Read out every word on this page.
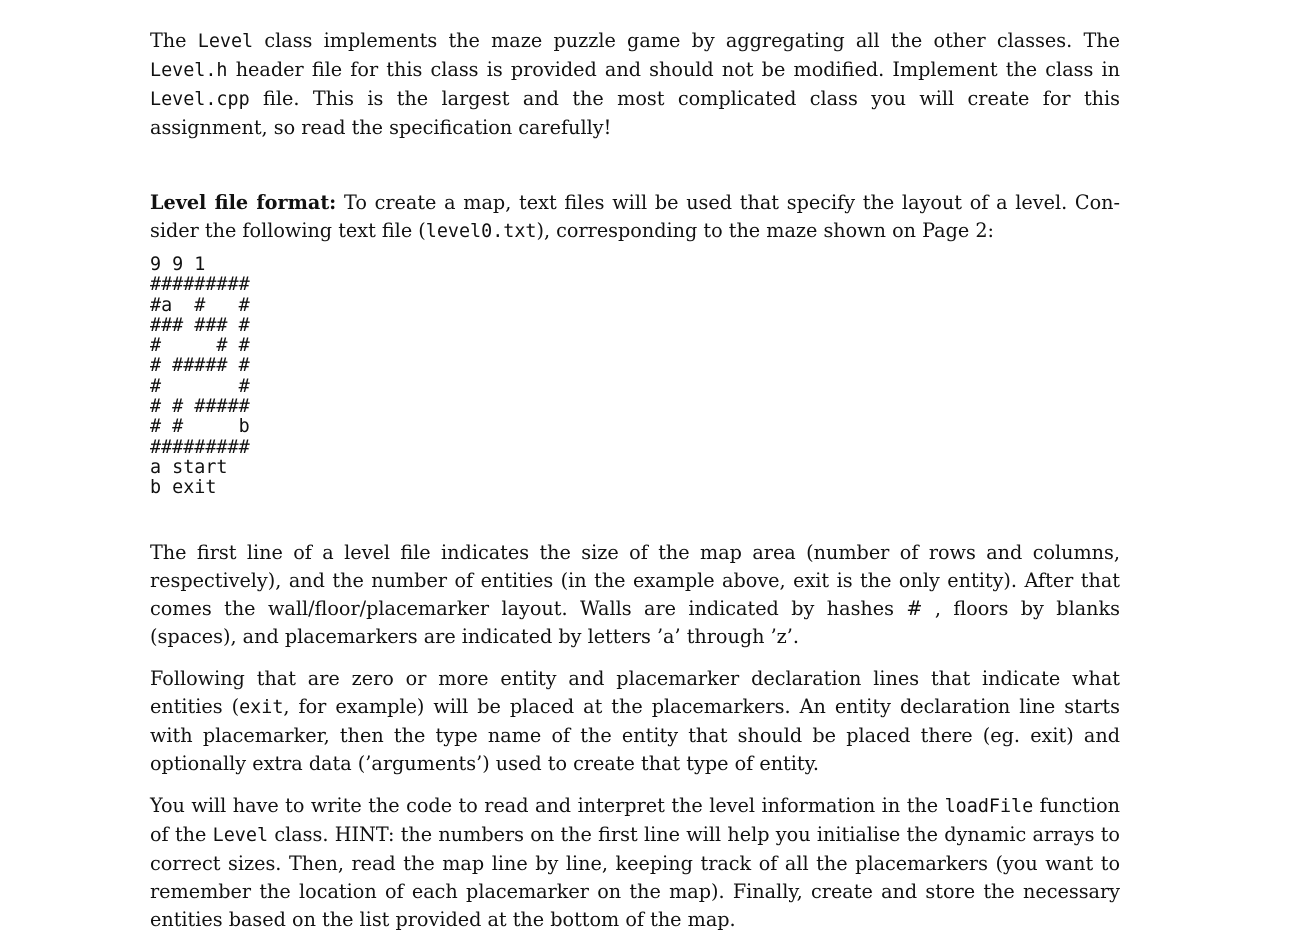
The Level class implements the maze puzzle game by aggregating all the other classes. The Level.h header file for this class is provided and should not be modified. Implement the class in Level.cpp file. This is the largest and the most complicated class you will create for this assignment, so read the specification carefully!

Level file format: To create a map, text files will be used that specify the layout of a level. Consider the following text file (level0.txt), corresponding to the maze shown on Page 2:

9 9 1
#########
#a  #   #
### ### #
#     # #
# ##### #
#       #
# # #####
# #     b
#########
a start
b exit

The first line of a level file indicates the size of the map area (number of rows and columns, respectively), and the number of entities (in the example above, exit is the only entity). After that comes the wall/floor/placemarker layout. Walls are indicated by hashes # , floors by blanks (spaces), and placemarkers are indicated by letters ’a’ through ’z’.

Following that are zero or more entity and placemarker declaration lines that indicate what entities (exit, for example) will be placed at the placemarkers. An entity declaration line starts with placemarker, then the type name of the entity that should be placed there (eg. exit) and optionally extra data (’arguments’) used to create that type of entity.

You will have to write the code to read and interpret the level information in the loadFile function of the Level class. HINT: the numbers on the first line will help you initialise the dynamic arrays to correct sizes. Then, read the map line by line, keeping track of all the placemarkers (you want to remember the location of each placemarker on the map). Finally, create and store the necessary entities based on the list provided at the bottom of the map.
